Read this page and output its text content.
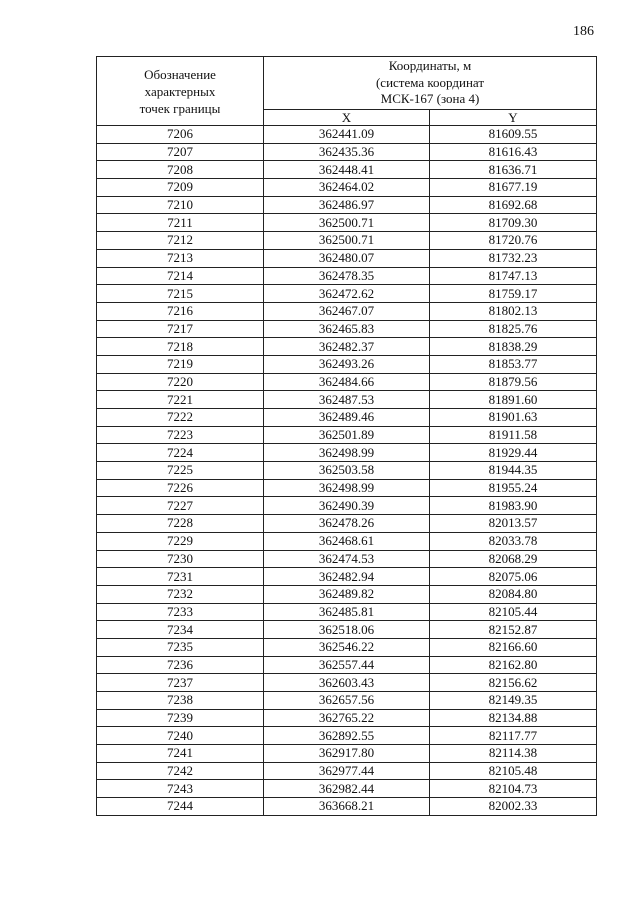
186
Обозначение
характерных
точек границы	Координаты, м
(система координат
МСК-167 (зона 4)	
	X	Y
7206	362441.09	81609.55
7207	362435.36	81616.43
7208	362448.41	81636.71
7209	362464.02	81677.19
7210	362486.97	81692.68
7211	362500.71	81709.30
7212	362500.71	81720.76
7213	362480.07	81732.23
7214	362478.35	81747.13
7215	362472.62	81759.17
7216	362467.07	81802.13
7217	362465.83	81825.76
7218	362482.37	81838.29
7219	362493.26	81853.77
7220	362484.66	81879.56
7221	362487.53	81891.60
7222	362489.46	81901.63
7223	362501.89	81911.58
7224	362498.99	81929.44
7225	362503.58	81944.35
7226	362498.99	81955.24
7227	362490.39	81983.90
7228	362478.26	82013.57
7229	362468.61	82033.78
7230	362474.53	82068.29
7231	362482.94	82075.06
7232	362489.82	82084.80
7233	362485.81	82105.44
7234	362518.06	82152.87
7235	362546.22	82166.60
7236	362557.44	82162.80
7237	362603.43	82156.62
7238	362657.56	82149.35
7239	362765.22	82134.88
7240	362892.55	82117.77
7241	362917.80	82114.38
7242	362977.44	82105.48
7243	362982.44	82104.73
7244	363668.21	82002.33
